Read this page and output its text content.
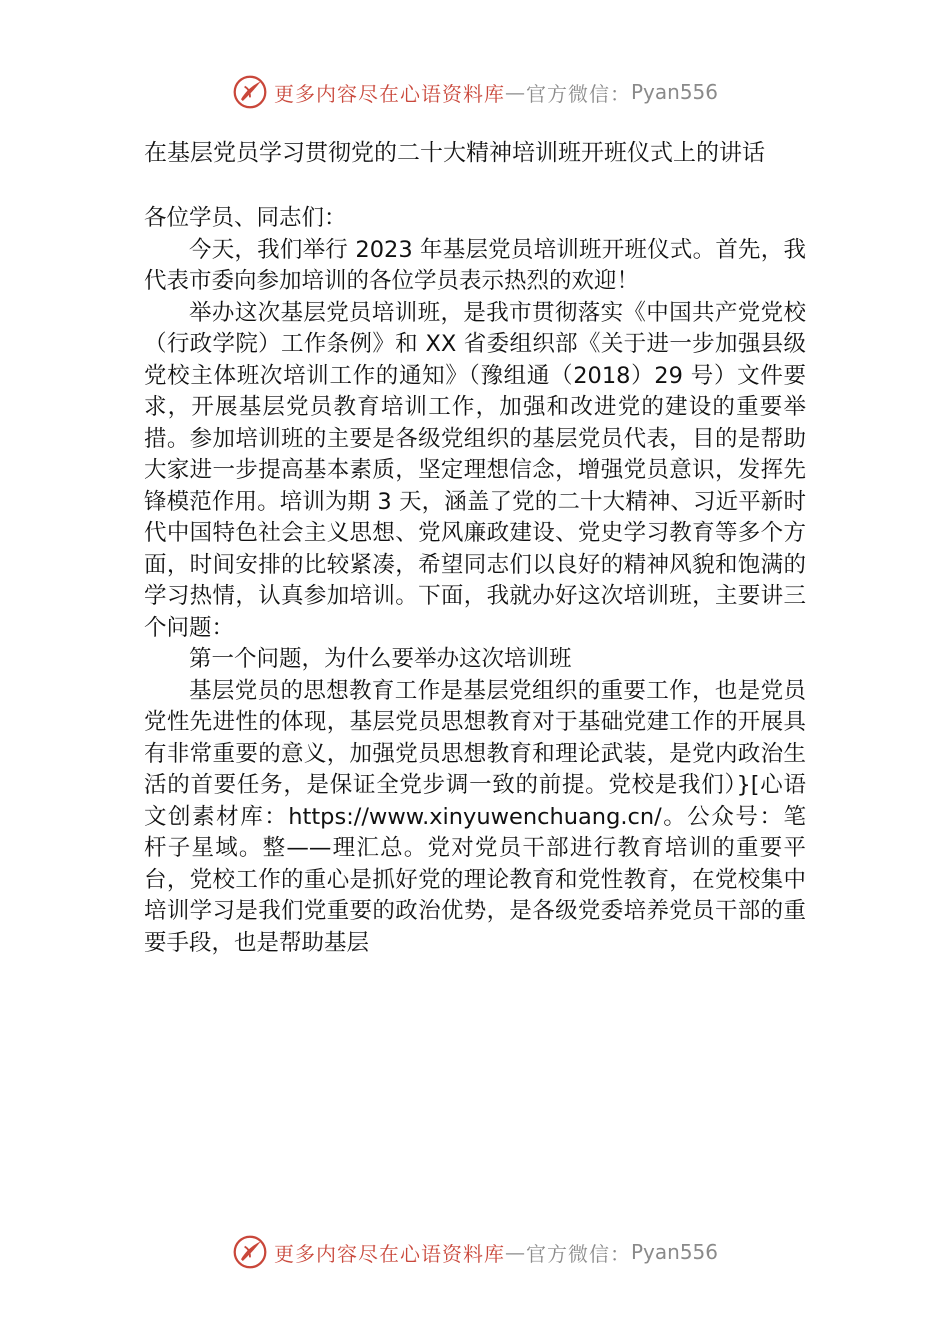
更多内容尽在心语资料库 — 官方微信： Pyan556
在基层党员学习贯彻党的二十大精神培训班开班仪式上的讲话

各位学员、同志们：

今天，我们举行 2023 年基层党员培训班开班仪式。首先，我代表市委向参加培训的各位学员表示热烈的欢迎！

举办这次基层党员培训班，是我市贯彻落实《中国共产党党校（行政学院）工作条例》和 XX 省委组织部《关于进一步加强县级党校主体班次培训工作的通知》（豫组通（2018）29 号）文件要求，开展基层党员教育培训工作，加强和改进党的建设的重要举措。参加培训班的主要是各级党组织的基层党员代表，目的是帮助大家进一步提高基本素质，坚定理想信念，增强党员意识，发挥先锋模范作用。培训为期 3 天，涵盖了党的二十大精神、习近平新时代中国特色社会主义思想、党风廉政建设、党史学习教育等多个方面，时间安排的比较紧凑，希望同志们以良好的精神风貌和饱满的学习热情，认真参加培训。下面，我就办好这次培训班，主要讲三个问题：

第一个问题，为什么要举办这次培训班

基层党员的思想教育工作是基层党组织的重要工作，也是党员党性先进性的体现，基层党员思想教育对于基础党建工作的开展具有非常重要的意义，加强党员思想教育和理论武装，是党内政治生活的首要任务，是保证全党步调一致的前提。党校是我们）}[心语文创素材库：https://www.xinyuwenchuang.cn/。公众号：笔杆子星域。整——理汇总。党对党员干部进行教育培训的重要平台，党校工作的重心是抓好党的理论教育和党性教育，在党校集中培训学习是我们党重要的政治优势，是各级党委培养党员干部的重要手段，也是帮助基层

更多内容尽在心语资料库 — 官方微信： Pyan556
